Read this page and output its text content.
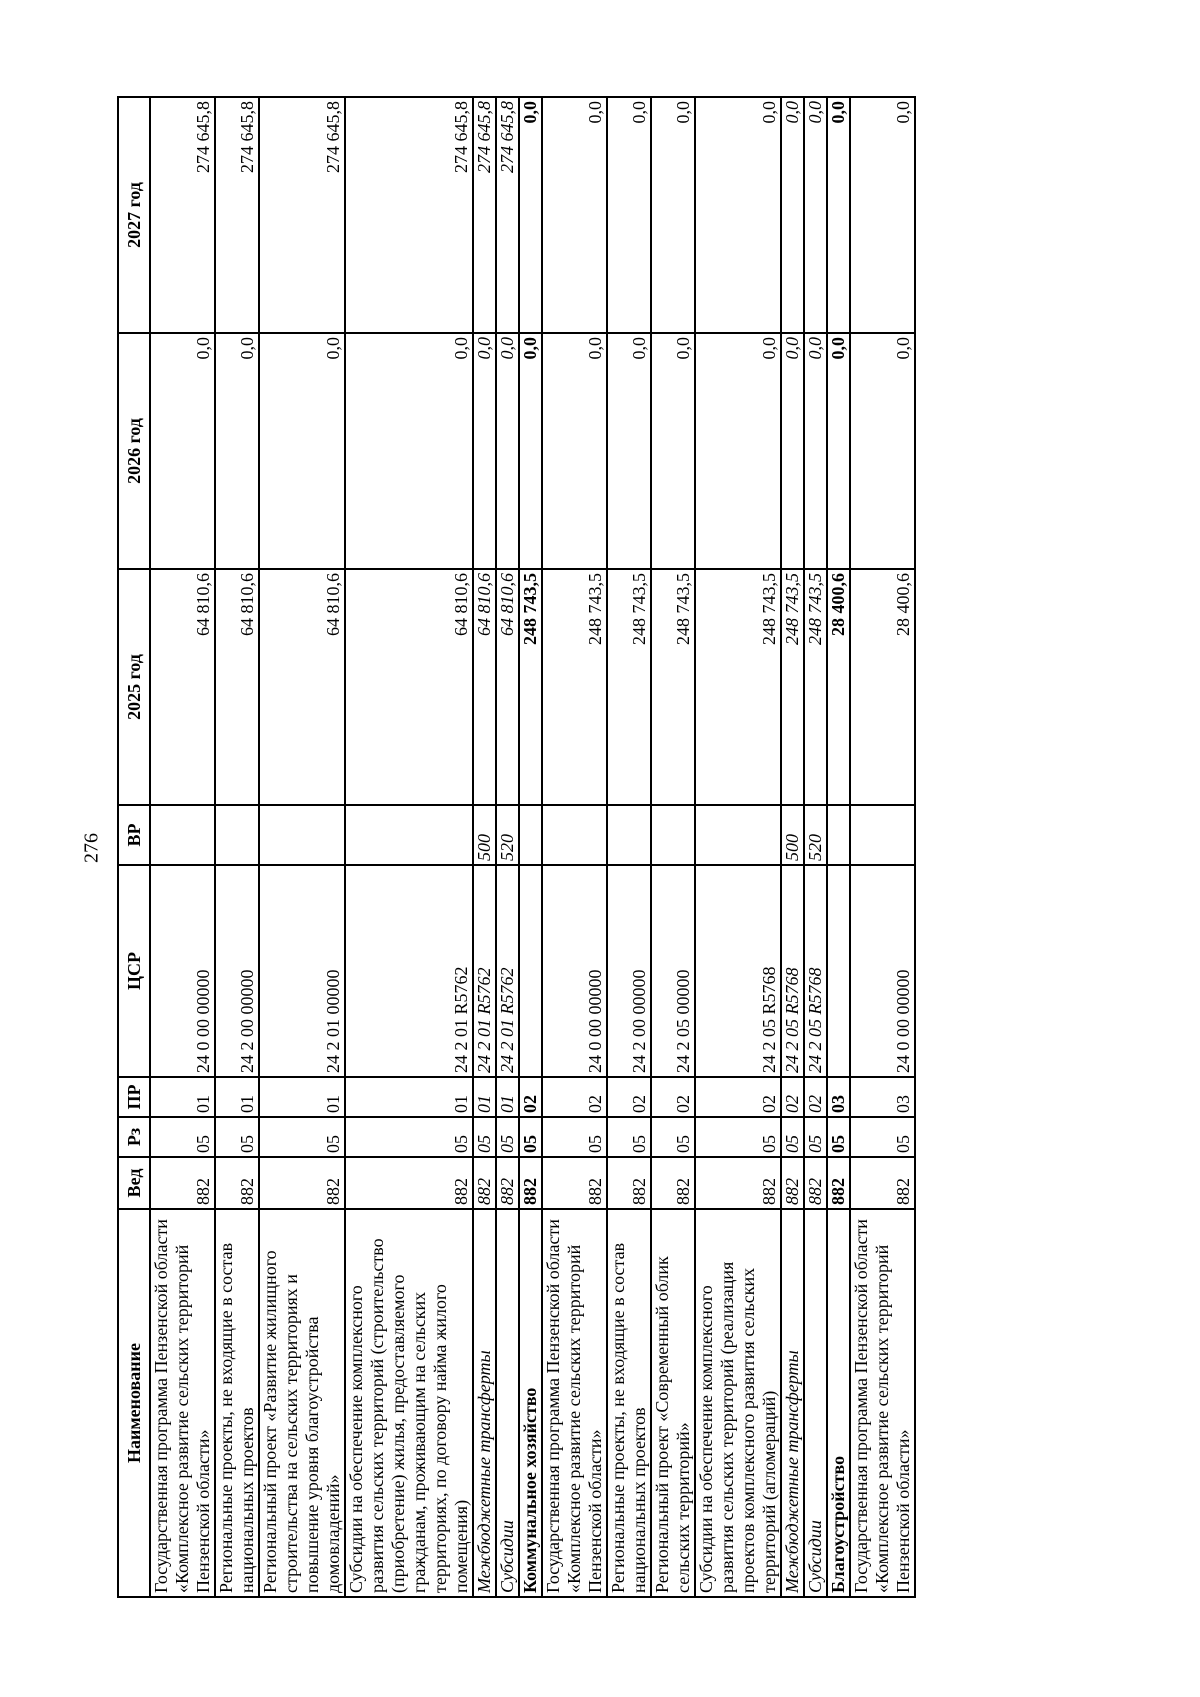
276
Наименование	Вед	Рз	ПР	ЦСР	ВР	2025 год	2026 год	2027 год
Государственная программа Пензенской области «Комплексное развитие сельских территорий Пензенской области»	882	05	01	24 0 00 00000		64 810,6	0,0	274 645,8
Региональные проекты, не входящие в состав национальных проектов	882	05	01	24 2 00 00000		64 810,6	0,0	274 645,8
Региональный проект «Развитие жилищного строительства на сельских территориях и повышение уровня благоустройства домовладений»	882	05	01	24 2 01 00000		64 810,6	0,0	274 645,8
Субсидии на обеспечение комплексного развития сельских территорий (строительство (приобретение) жилья, предоставляемого гражданам, проживающим на сельских территориях, по договору найма жилого помещения)	882	05	01	24 2 01 R5762		64 810,6	0,0	274 645,8
Межбюджетные трансферты	882	05	01	24 2 01 R5762	500	64 810,6	0,0	274 645,8
Субсидии	882	05	01	24 2 01 R5762	520	64 810,6	0,0	274 645,8
Коммунальное хозяйство	882	05	02			248 743,5	0,0	0,0
Государственная программа Пензенской области «Комплексное развитие сельских территорий Пензенской области»	882	05	02	24 0 00 00000		248 743,5	0,0	0,0
Региональные проекты, не входящие в состав национальных проектов	882	05	02	24 2 00 00000		248 743,5	0,0	0,0
Региональный проект «Современный облик сельских территорий»	882	05	02	24 2 05 00000		248 743,5	0,0	0,0
Субсидии на обеспечение комплексного развития сельских территорий (реализация проектов комплексного развития сельских территорий (агломераций)	882	05	02	24 2 05 R5768		248 743,5	0,0	0,0
Межбюджетные трансферты	882	05	02	24 2 05 R5768	500	248 743,5	0,0	0,0
Субсидии	882	05	02	24 2 05 R5768	520	248 743,5	0,0	0,0
Благоустройство	882	05	03			28 400,6	0,0	0,0
Государственная программа Пензенской области «Комплексное развитие сельских территорий Пензенской области»	882	05	03	24 0 00 00000		28 400,6	0,0	0,0
